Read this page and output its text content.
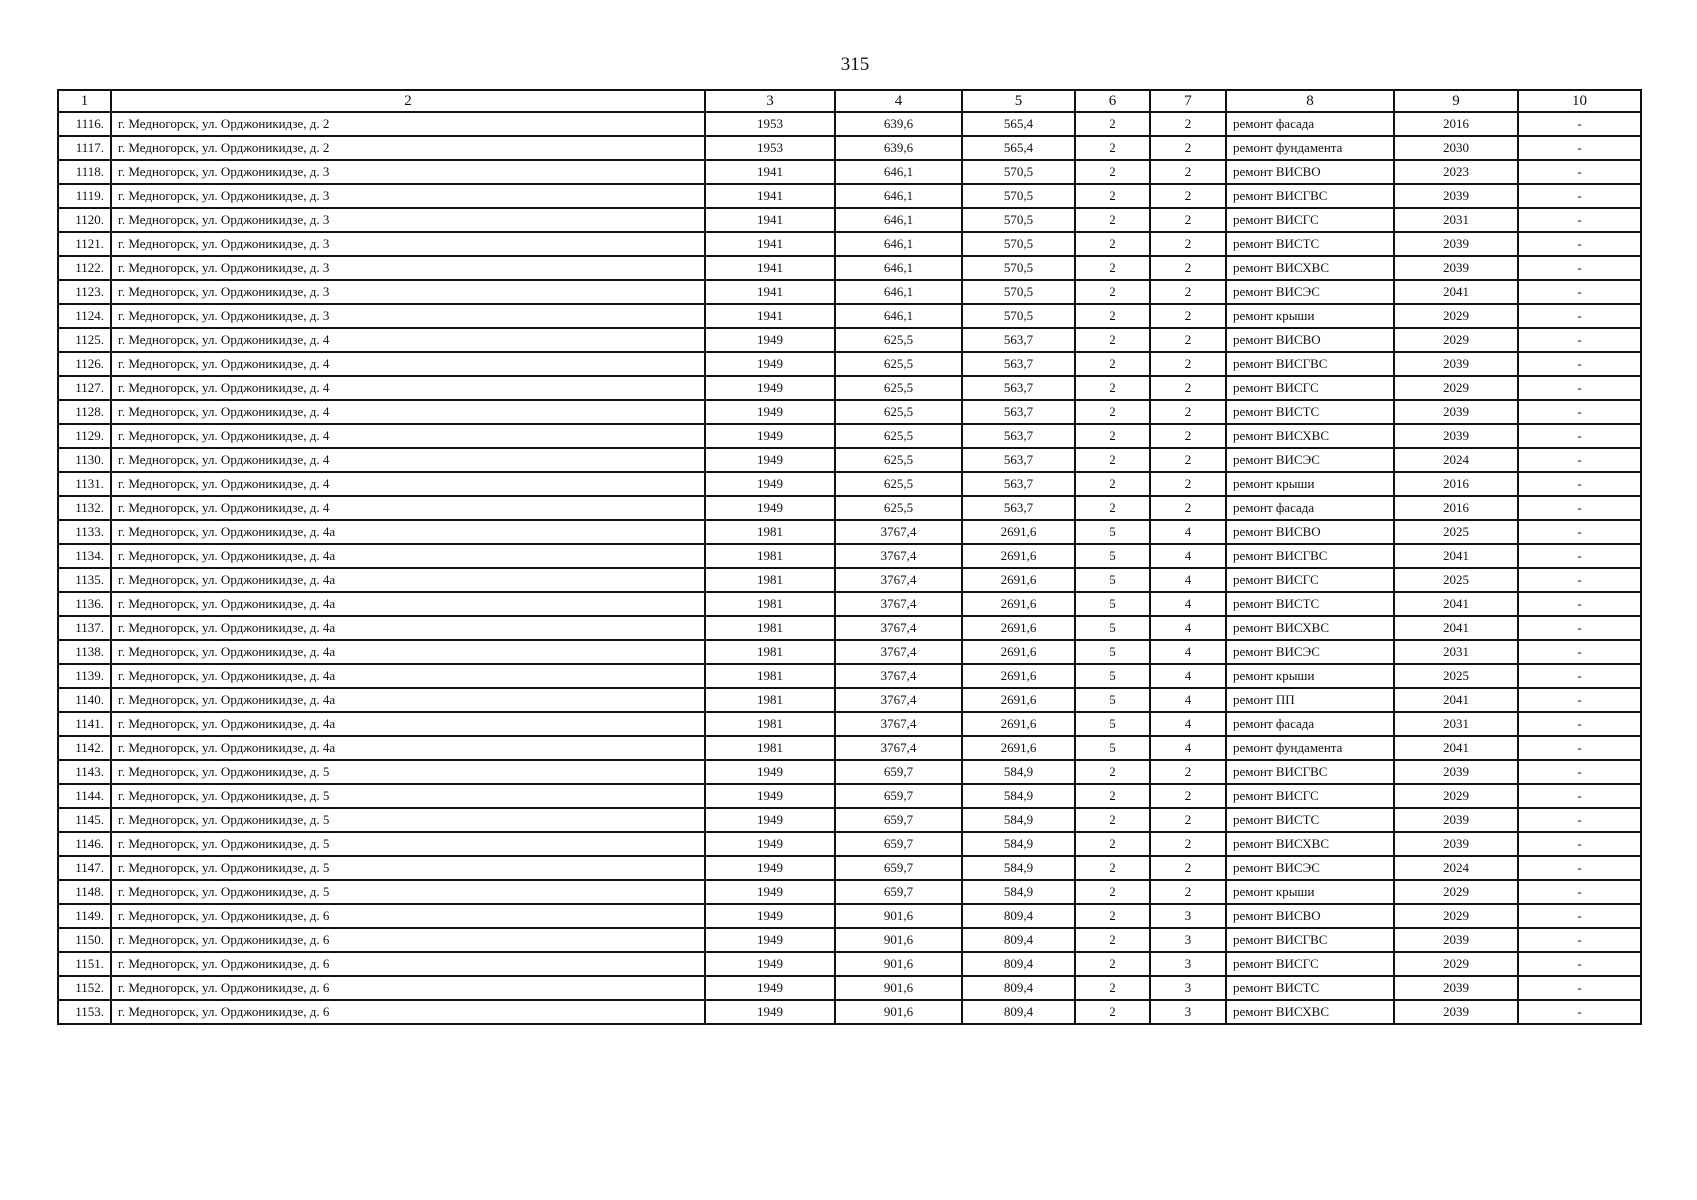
315
1	2	3	4	5	6	7	8	9	10
1116.	г. Медногорск, ул. Орджоникидзе, д. 2	1953	639,6	565,4	2	2	ремонт фасада	2016	-
1117.	г. Медногорск, ул. Орджоникидзе, д. 2	1953	639,6	565,4	2	2	ремонт фундамента	2030	-
1118.	г. Медногорск, ул. Орджоникидзе, д. 3	1941	646,1	570,5	2	2	ремонт ВИСВО	2023	-
1119.	г. Медногорск, ул. Орджоникидзе, д. 3	1941	646,1	570,5	2	2	ремонт ВИСГВС	2039	-
1120.	г. Медногорск, ул. Орджоникидзе, д. 3	1941	646,1	570,5	2	2	ремонт ВИСГС	2031	-
1121.	г. Медногорск, ул. Орджоникидзе, д. 3	1941	646,1	570,5	2	2	ремонт ВИСТС	2039	-
1122.	г. Медногорск, ул. Орджоникидзе, д. 3	1941	646,1	570,5	2	2	ремонт ВИСХВС	2039	-
1123.	г. Медногорск, ул. Орджоникидзе, д. 3	1941	646,1	570,5	2	2	ремонт ВИСЭС	2041	-
1124.	г. Медногорск, ул. Орджоникидзе, д. 3	1941	646,1	570,5	2	2	ремонт крыши	2029	-
1125.	г. Медногорск, ул. Орджоникидзе, д. 4	1949	625,5	563,7	2	2	ремонт ВИСВО	2029	-
1126.	г. Медногорск, ул. Орджоникидзе, д. 4	1949	625,5	563,7	2	2	ремонт ВИСГВС	2039	-
1127.	г. Медногорск, ул. Орджоникидзе, д. 4	1949	625,5	563,7	2	2	ремонт ВИСГС	2029	-
1128.	г. Медногорск, ул. Орджоникидзе, д. 4	1949	625,5	563,7	2	2	ремонт ВИСТС	2039	-
1129.	г. Медногорск, ул. Орджоникидзе, д. 4	1949	625,5	563,7	2	2	ремонт ВИСХВС	2039	-
1130.	г. Медногорск, ул. Орджоникидзе, д. 4	1949	625,5	563,7	2	2	ремонт ВИСЭС	2024	-
1131.	г. Медногорск, ул. Орджоникидзе, д. 4	1949	625,5	563,7	2	2	ремонт крыши	2016	-
1132.	г. Медногорск, ул. Орджоникидзе, д. 4	1949	625,5	563,7	2	2	ремонт фасада	2016	-
1133.	г. Медногорск, ул. Орджоникидзе, д. 4а	1981	3767,4	2691,6	5	4	ремонт ВИСВО	2025	-
1134.	г. Медногорск, ул. Орджоникидзе, д. 4а	1981	3767,4	2691,6	5	4	ремонт ВИСГВС	2041	-
1135.	г. Медногорск, ул. Орджоникидзе, д. 4а	1981	3767,4	2691,6	5	4	ремонт ВИСГС	2025	-
1136.	г. Медногорск, ул. Орджоникидзе, д. 4а	1981	3767,4	2691,6	5	4	ремонт ВИСТС	2041	-
1137.	г. Медногорск, ул. Орджоникидзе, д. 4а	1981	3767,4	2691,6	5	4	ремонт ВИСХВС	2041	-
1138.	г. Медногорск, ул. Орджоникидзе, д. 4а	1981	3767,4	2691,6	5	4	ремонт ВИСЭС	2031	-
1139.	г. Медногорск, ул. Орджоникидзе, д. 4а	1981	3767,4	2691,6	5	4	ремонт крыши	2025	-
1140.	г. Медногорск, ул. Орджоникидзе, д. 4а	1981	3767,4	2691,6	5	4	ремонт ПП	2041	-
1141.	г. Медногорск, ул. Орджоникидзе, д. 4а	1981	3767,4	2691,6	5	4	ремонт фасада	2031	-
1142.	г. Медногорск, ул. Орджоникидзе, д. 4а	1981	3767,4	2691,6	5	4	ремонт фундамента	2041	-
1143.	г. Медногорск, ул. Орджоникидзе, д. 5	1949	659,7	584,9	2	2	ремонт ВИСГВС	2039	-
1144.	г. Медногорск, ул. Орджоникидзе, д. 5	1949	659,7	584,9	2	2	ремонт ВИСГС	2029	-
1145.	г. Медногорск, ул. Орджоникидзе, д. 5	1949	659,7	584,9	2	2	ремонт ВИСТС	2039	-
1146.	г. Медногорск, ул. Орджоникидзе, д. 5	1949	659,7	584,9	2	2	ремонт ВИСХВС	2039	-
1147.	г. Медногорск, ул. Орджоникидзе, д. 5	1949	659,7	584,9	2	2	ремонт ВИСЭС	2024	-
1148.	г. Медногорск, ул. Орджоникидзе, д. 5	1949	659,7	584,9	2	2	ремонт крыши	2029	-
1149.	г. Медногорск, ул. Орджоникидзе, д. 6	1949	901,6	809,4	2	3	ремонт ВИСВО	2029	-
1150.	г. Медногорск, ул. Орджоникидзе, д. 6	1949	901,6	809,4	2	3	ремонт ВИСГВС	2039	-
1151.	г. Медногорск, ул. Орджоникидзе, д. 6	1949	901,6	809,4	2	3	ремонт ВИСГС	2029	-
1152.	г. Медногорск, ул. Орджоникидзе, д. 6	1949	901,6	809,4	2	3	ремонт ВИСТС	2039	-
1153.	г. Медногорск, ул. Орджоникидзе, д. 6	1949	901,6	809,4	2	3	ремонт ВИСХВС	2039	-
